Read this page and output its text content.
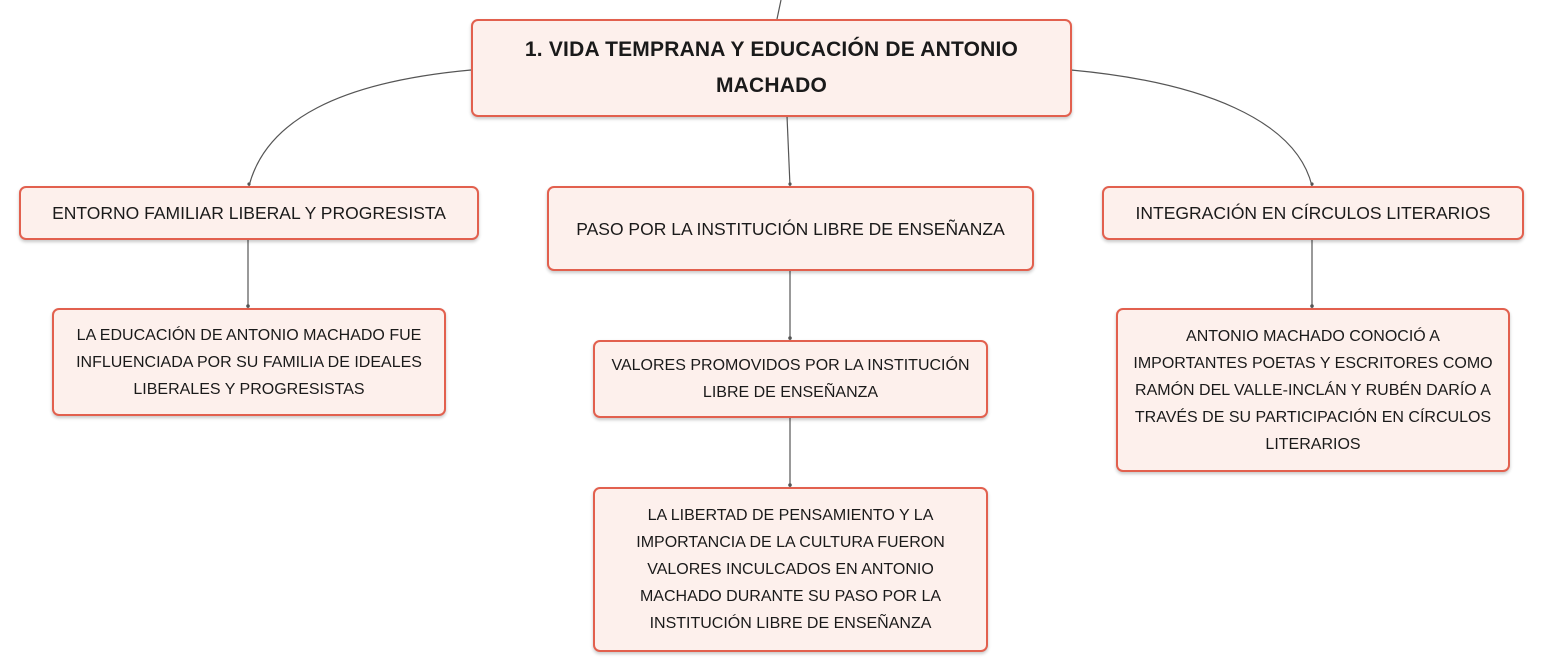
1. VIDA TEMPRANA Y EDUCACIÓN DE ANTONIO MACHADO
ENTORNO FAMILIAR LIBERAL Y PROGRESISTA
PASO POR LA INSTITUCIÓN LIBRE DE ENSEÑANZA
INTEGRACIÓN EN CÍRCULOS LITERARIOS
LA EDUCACIÓN DE ANTONIO MACHADO FUE INFLUENCIADA POR SU FAMILIA DE IDEALES LIBERALES Y PROGRESISTAS
VALORES PROMOVIDOS POR LA INSTITUCIÓN LIBRE DE ENSEÑANZA
LA LIBERTAD DE PENSAMIENTO Y LA IMPORTANCIA DE LA CULTURA FUERON VALORES INCULCADOS EN ANTONIO MACHADO DURANTE SU PASO POR LA INSTITUCIÓN LIBRE DE ENSEÑANZA
ANTONIO MACHADO CONOCIÓ A IMPORTANTES POETAS Y ESCRITORES COMO RAMÓN DEL VALLE-INCLÁN Y RUBÉN DARÍO A TRAVÉS DE SU PARTICIPACIÓN EN CÍRCULOS LITERARIOS
